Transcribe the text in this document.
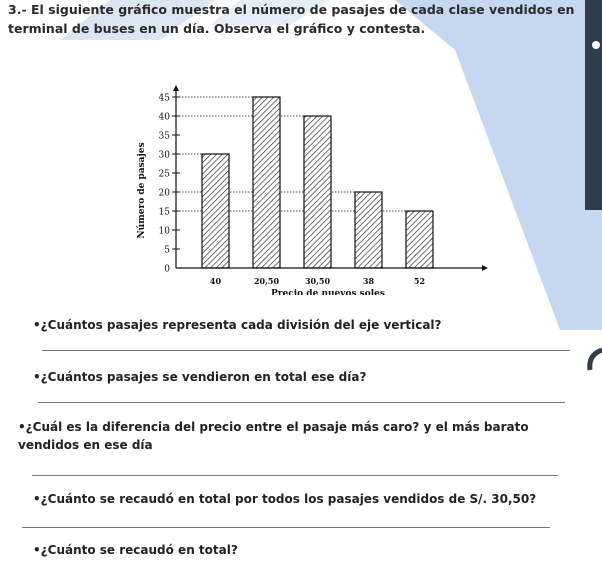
3.- El siguiente gráfico muestra el número de pasajes de cada clase vendidos en terminal de buses en un día. Observa el gráfico y contesta.

0
5
10
15
20
25
30
35
40
45
Número de pasajes
40	20,50	30,50	38	52
Precio de nuevos soles

•¿Cuántos pasajes representa cada división del eje vertical?

•¿Cuántos pasajes se vendieron en total ese día?

•¿Cuál es la diferencia del precio entre el pasaje más caro? y el más barato vendidos en ese día

•¿Cuánto se recaudó en total por todos los pasajes vendidos de S/. 30,50?

•¿Cuánto se recaudó en total?
